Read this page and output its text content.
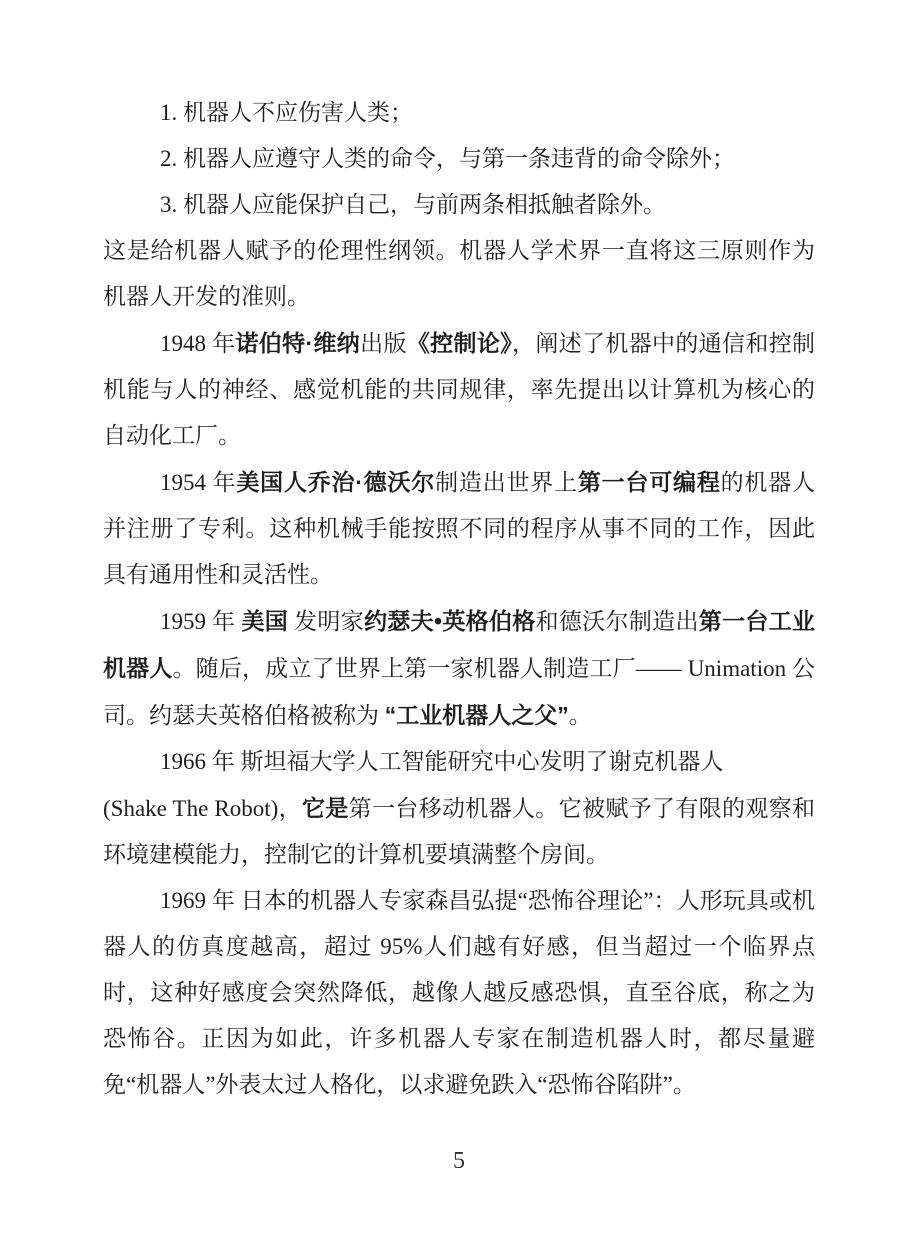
1. 机器人不应伤害人类；

2. 机器人应遵守人类的命令，与第一条违背的命令除外；

3. 机器人应能保护自己，与前两条相抵触者除外。

这是给机器人赋予的伦理性纲领。机器人学术界一直将这三原则作为机器人开发的准则。

1948 年诺伯特·维纳出版《控制论》，阐述了机器中的通信和控制机能与人的神经、感觉机能的共同规律，率先提出以计算机为核心的自动化工厂。

1954 年美国人乔治·德沃尔制造出世界上第一台可编程的机器人并注册了专利。这种机械手能按照不同的程序从事不同的工作，因此具有通用性和灵活性。

1959 年 美国 发明家约瑟夫•英格伯格和德沃尔制造出第一台工业机器人。随后，成立了世界上第一家机器人制造工厂—— Unimation 公司。约瑟夫英格伯格被称为 “工业机器人之父”。

1966 年 斯坦福大学人工智能研究中心发明了谢克机器人
(Shake The Robot)，它是第一台移动机器人。它被赋予了有限的观察和环境建模能力，控制它的计算机要填满整个房间。

1969 年 日本的机器人专家森昌弘提“恐怖谷理论”：人形玩具或机器人的仿真度越高，超过 95%人们越有好感，但当超过一个临界点时，这种好感度会突然降低，越像人越反感恐惧，直至谷底，称之为恐怖谷。正因为如此，许多机器人专家在制造机器人时，都尽量避免“机器人”外表太过人格化，以求避免跌入“恐怖谷陷阱”。

5
